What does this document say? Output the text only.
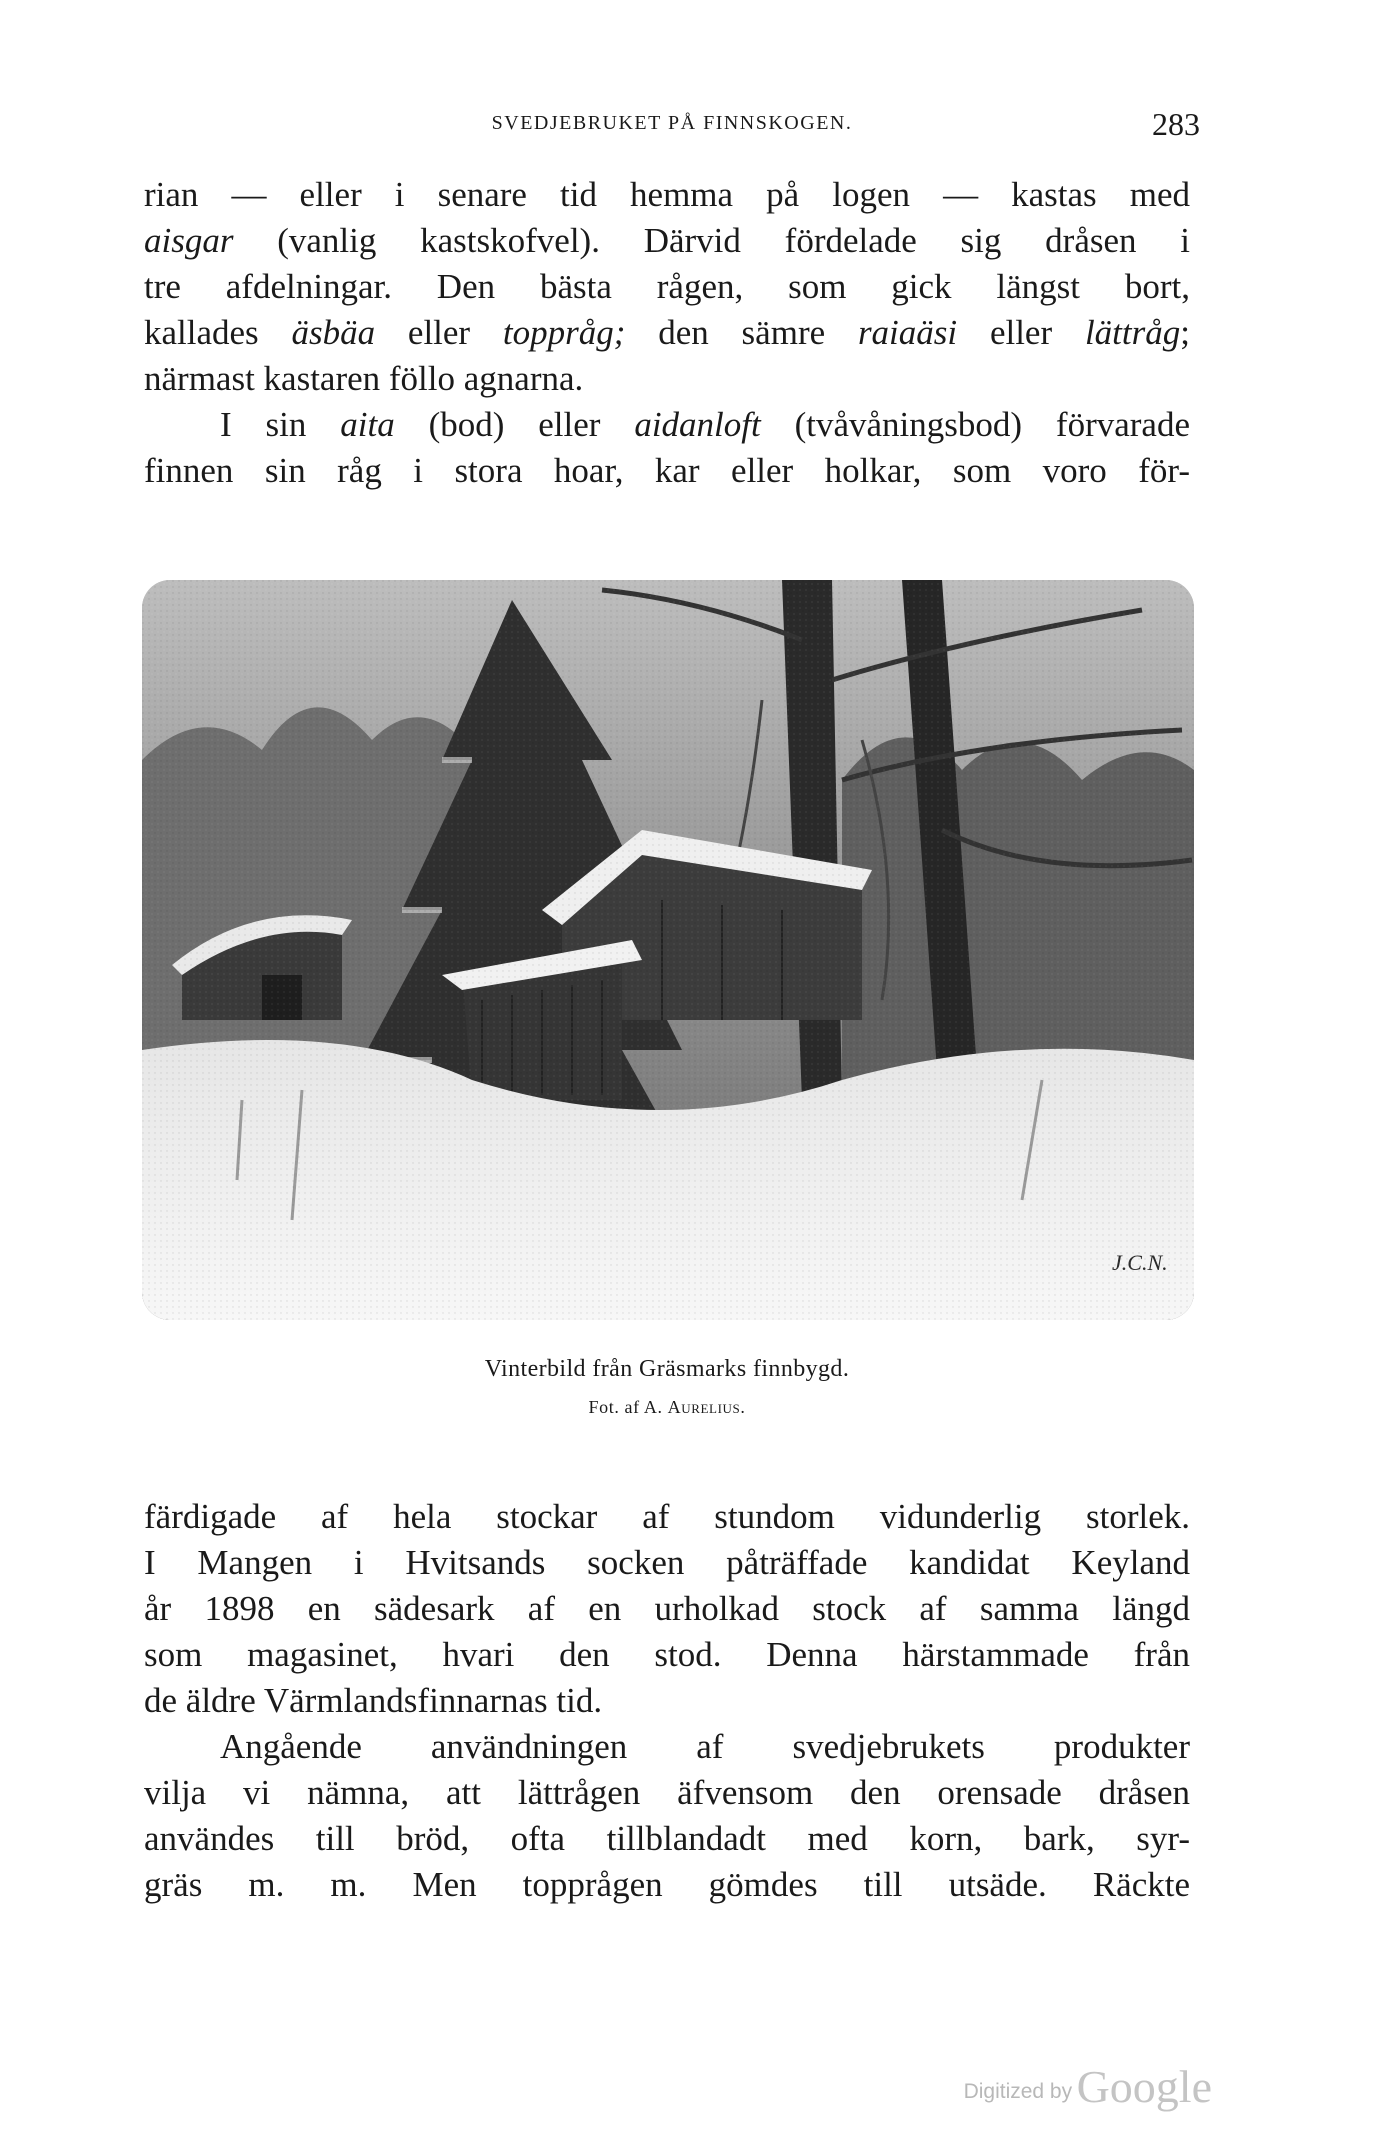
SVEDJEBRUKET PÅ FINNSKOGEN.	283
rian — eller i senare tid hemma på logen — kastas med
aisgar (vanlig kastskofvel). Därvid fördelade sig dråsen i
tre afdelningar. Den bästa rågen, som gick längst bort,
kallades äsbäa eller toppråg; den sämre raiaäsi eller lättråg;
närmast kastaren föllo agnarna.
I sin aita (bod) eller aidanloft (tvåvåningsbod) förvarade
finnen sin råg i stora hoar, kar eller holkar, som voro för-
Vinterbild från Gräsmarks finnbygd.
Fot. af A. Aurelius.
färdigade af hela stockar af stundom vidunderlig storlek.
I Mangen i Hvitsands socken påträffade kandidat Keyland
år 1898 en sädesark af en urholkad stock af samma längd
som magasinet, hvari den stod. Denna härstammade från
de äldre Värmlandsfinnarnas tid.
Angående användningen af svedjebrukets produkter
vilja vi nämna, att lättrågen äfvensom den orensade dråsen
användes till bröd, ofta tillblandadt med korn, bark, syr-
gräs m. m. Men topprågen gömdes till utsäde. Räckte
Digitized by Google
